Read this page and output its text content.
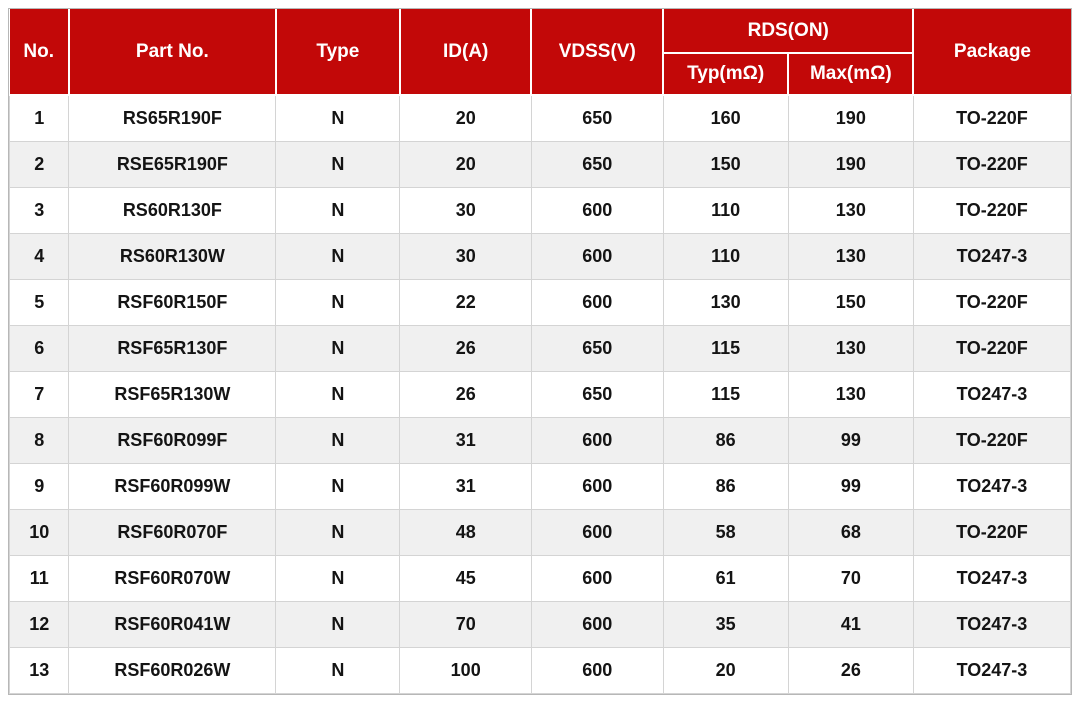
No.	Part No.	Type	ID(A)	VDSS(V)	RDS(ON)		Package
					Typ(mΩ)	Max(mΩ)	
1	RS65R190F	N	20	650	160	190	TO-220F
2	RSE65R190F	N	20	650	150	190	TO-220F
3	RS60R130F	N	30	600	110	130	TO-220F
4	RS60R130W	N	30	600	110	130	TO247-3
5	RSF60R150F	N	22	600	130	150	TO-220F
6	RSF65R130F	N	26	650	115	130	TO-220F
7	RSF65R130W	N	26	650	115	130	TO247-3
8	RSF60R099F	N	31	600	86	99	TO-220F
9	RSF60R099W	N	31	600	86	99	TO247-3
10	RSF60R070F	N	48	600	58	68	TO-220F
11	RSF60R070W	N	45	600	61	70	TO247-3
12	RSF60R041W	N	70	600	35	41	TO247-3
13	RSF60R026W	N	100	600	20	26	TO247-3
